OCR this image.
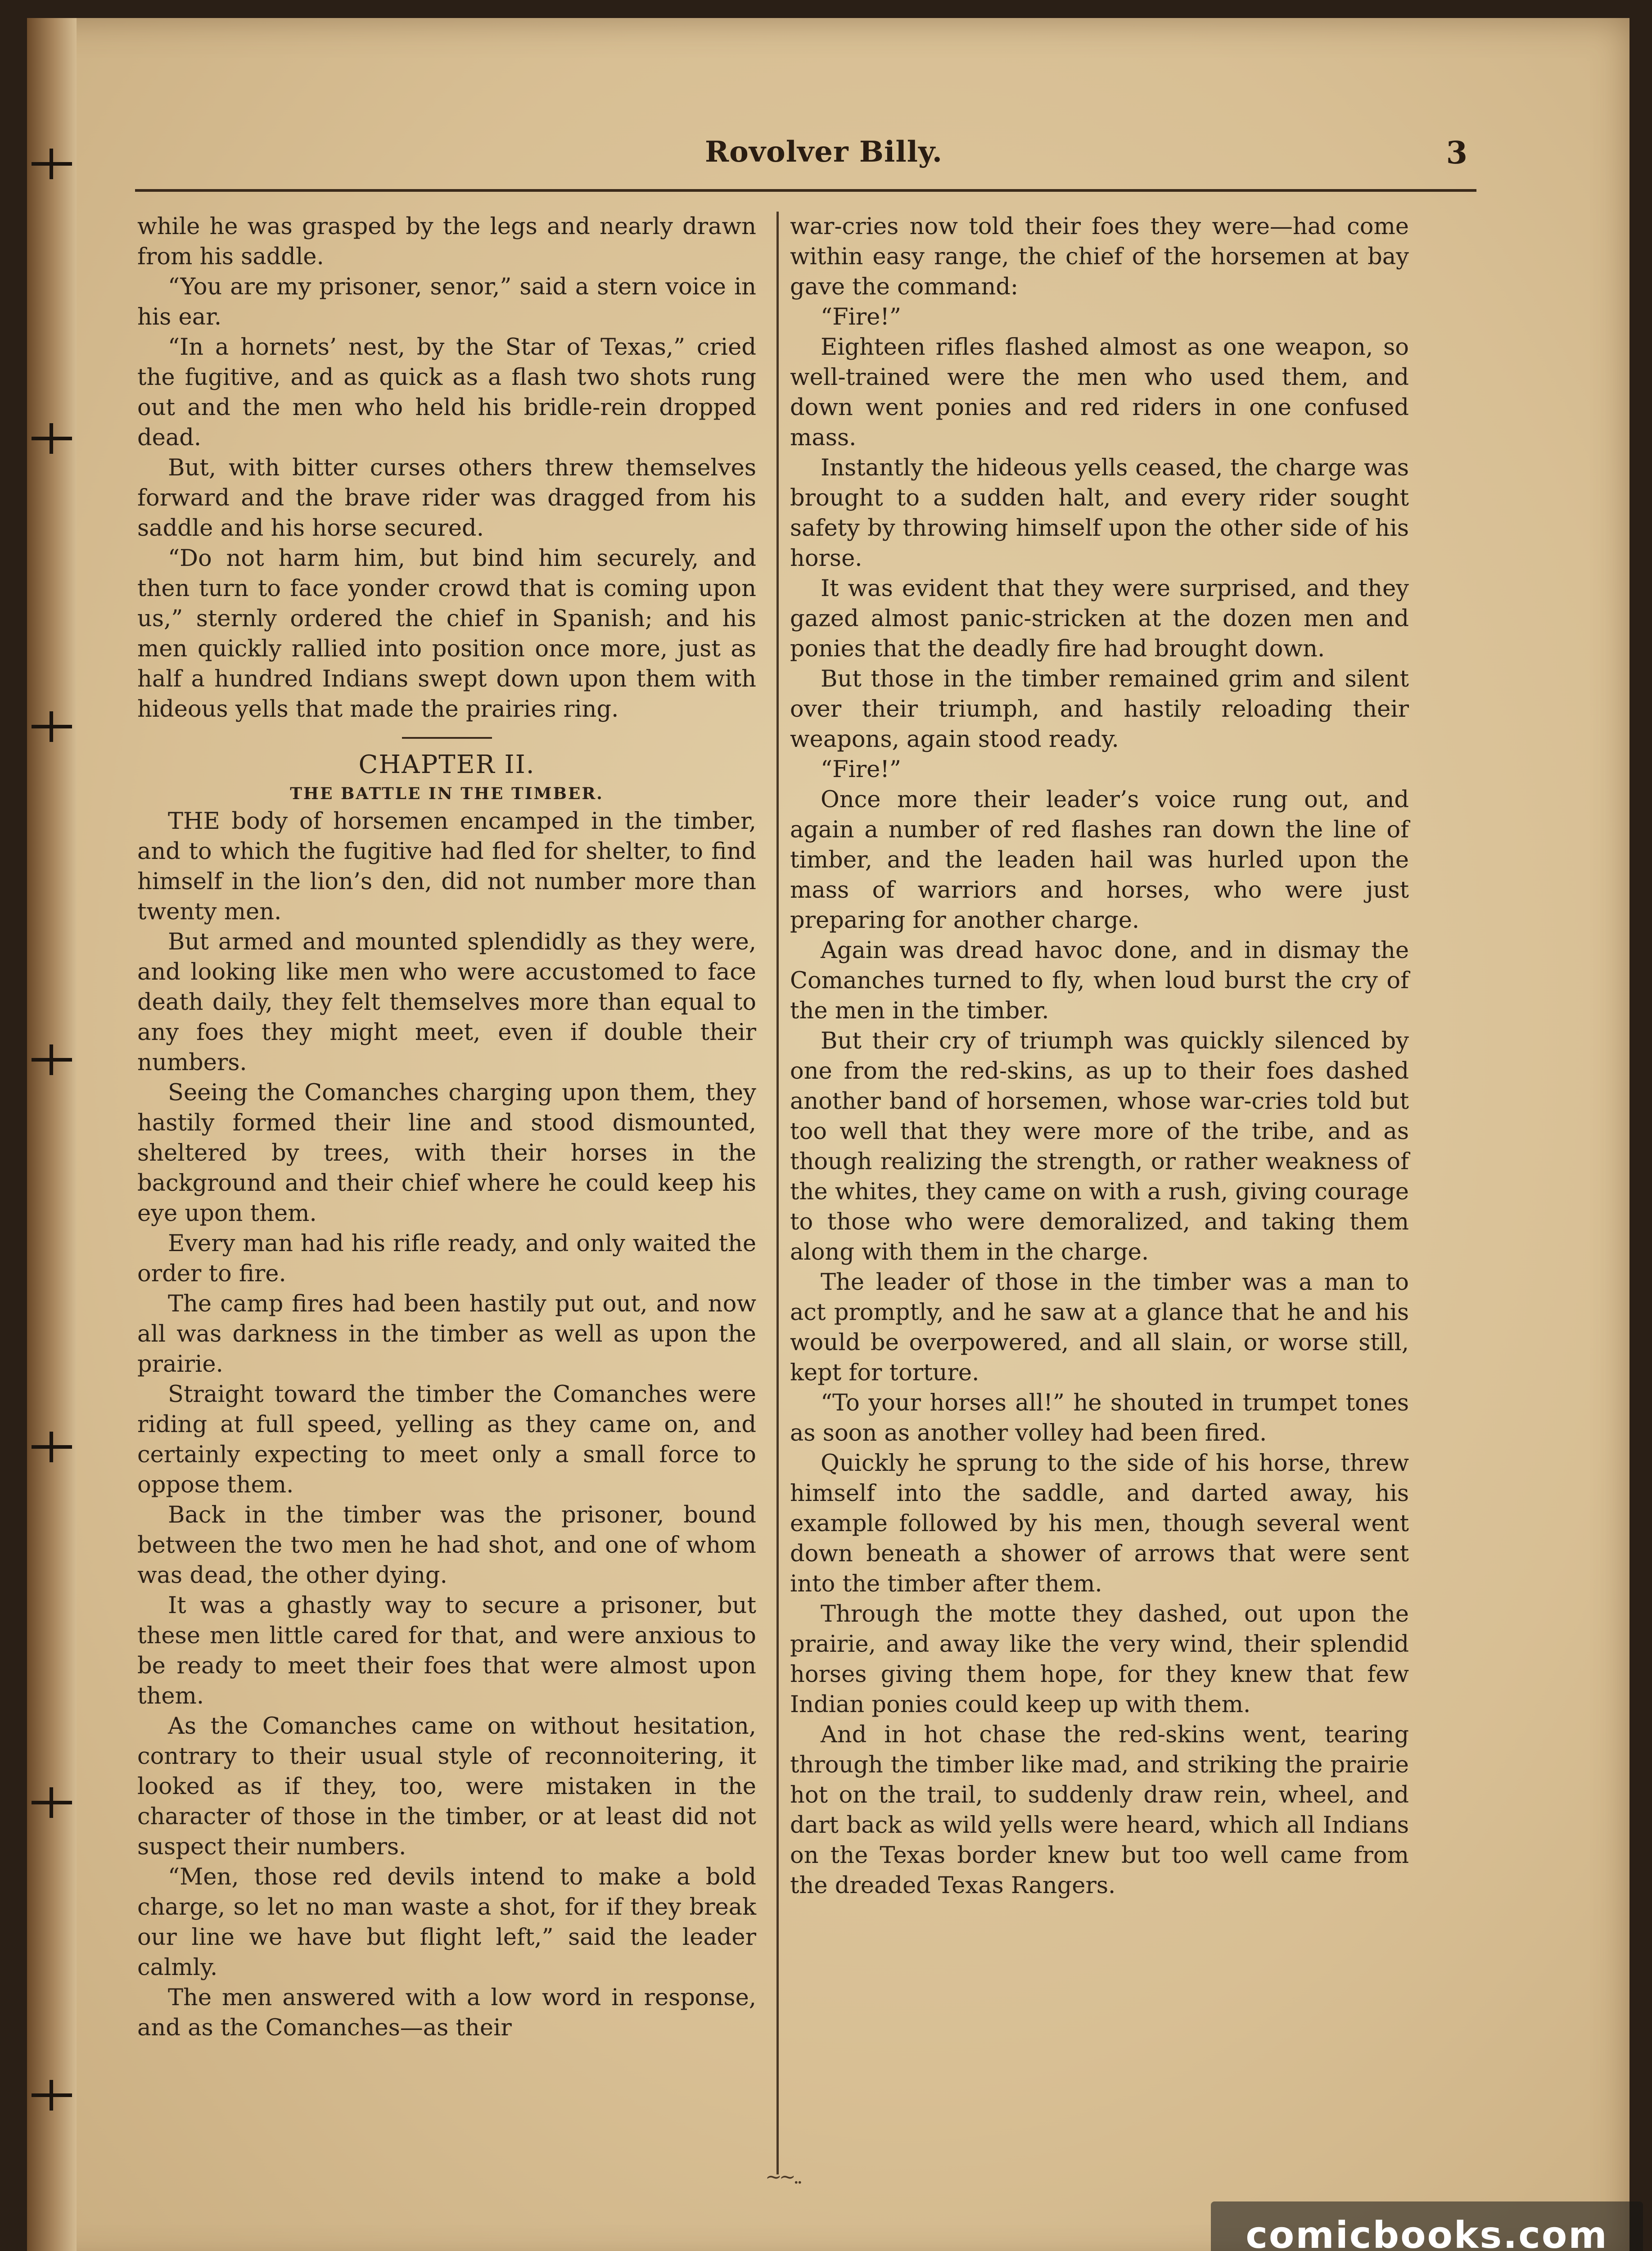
Rovolver Billy.	3

while he was grasped by the legs and nearly drawn from his saddle.

“You are my prisoner, senor,” said a stern voice in his ear.

“In a hornets’ nest, by the Star of Texas,” cried the fugitive, and as quick as a flash two shots rung out and the men who held his bridle-rein dropped dead.

But, with bitter curses others threw themselves forward and the brave rider was dragged from his saddle and his horse secured.

“Do not harm him, but bind him securely, and then turn to face yonder crowd that is coming upon us,” sternly ordered the chief in Spanish; and his men quickly rallied into position once more, just as half a hundred Indians swept down upon them with hideous yells that made the prairies ring.

CHAPTER II.
THE BATTLE IN THE TIMBER.

THE body of horsemen encamped in the timber, and to which the fugitive had fled for shelter, to find himself in the lion’s den, did not number more than twenty men.

But armed and mounted splendidly as they were, and looking like men who were accustomed to face death daily, they felt themselves more than equal to any foes they might meet, even if double their numbers.

Seeing the Comanches charging upon them, they hastily formed their line and stood dismounted, sheltered by trees, with their horses in the background and their chief where he could keep his eye upon them.

Every man had his rifle ready, and only waited the order to fire.

The camp fires had been hastily put out, and now all was darkness in the timber as well as upon the prairie.

Straight toward the timber the Comanches were riding at full speed, yelling as they came on, and certainly expecting to meet only a small force to oppose them.

Back in the timber was the prisoner, bound between the two men he had shot, and one of whom was dead, the other dying.

It was a ghastly way to secure a prisoner, but these men little cared for that, and were anxious to be ready to meet their foes that were almost upon them.

As the Comanches came on without hesitation, contrary to their usual style of reconnoitering, it looked as if they, too, were mistaken in the character of those in the timber, or at least did not suspect their numbers.

“Men, those red devils intend to make a bold charge, so let no man waste a shot, for if they break our line we have but flight left,” said the leader calmly.

The men answered with a low word in response, and as the Comanches—as their

war-cries now told their foes they were—had come within easy range, the chief of the horsemen at bay gave the command:

“Fire!”

Eighteen rifles flashed almost as one weapon, so well-trained were the men who used them, and down went ponies and red riders in one confused mass.

Instantly the hideous yells ceased, the charge was brought to a sudden halt, and every rider sought safety by throwing himself upon the other side of his horse.

It was evident that they were surprised, and they gazed almost panic-stricken at the dozen men and ponies that the deadly fire had brought down.

But those in the timber remained grim and silent over their triumph, and hastily reloading their weapons, again stood ready.

“Fire!”

Once more their leader’s voice rung out, and again a number of red flashes ran down the line of timber, and the leaden hail was hurled upon the mass of warriors and horses, who were just preparing for another charge.

Again was dread havoc done, and in dismay the Comanches turned to fly, when loud burst the cry of the men in the timber.

But their cry of triumph was quickly silenced by one from the red-skins, as up to their foes dashed another band of horsemen, whose war-cries told but too well that they were more of the tribe, and as though realizing the strength, or rather weakness of the whites, they came on with a rush, giving courage to those who were demoralized, and taking them along with them in the charge.

The leader of those in the timber was a man to act promptly, and he saw at a glance that he and his would be overpowered, and all slain, or worse still, kept for torture.

“To your horses all!” he shouted in trumpet tones as soon as another volley had been fired.

Quickly he sprung to the side of his horse, threw himself into the saddle, and darted away, his example followed by his men, though several went down beneath a shower of arrows that were sent into the timber after them.

Through the motte they dashed, out upon the prairie, and away like the very wind, their splendid horses giving them hope, for they knew that few Indian ponies could keep up with them.

And in hot chase the red-skins went, tearing through the timber like mad, and striking the prairie hot on the trail, to suddenly draw rein, wheel, and dart back as wild yells were heard, which all Indians on the Texas border knew but too well came from the dreaded Texas Rangers.

~~..
comicbooks.com
